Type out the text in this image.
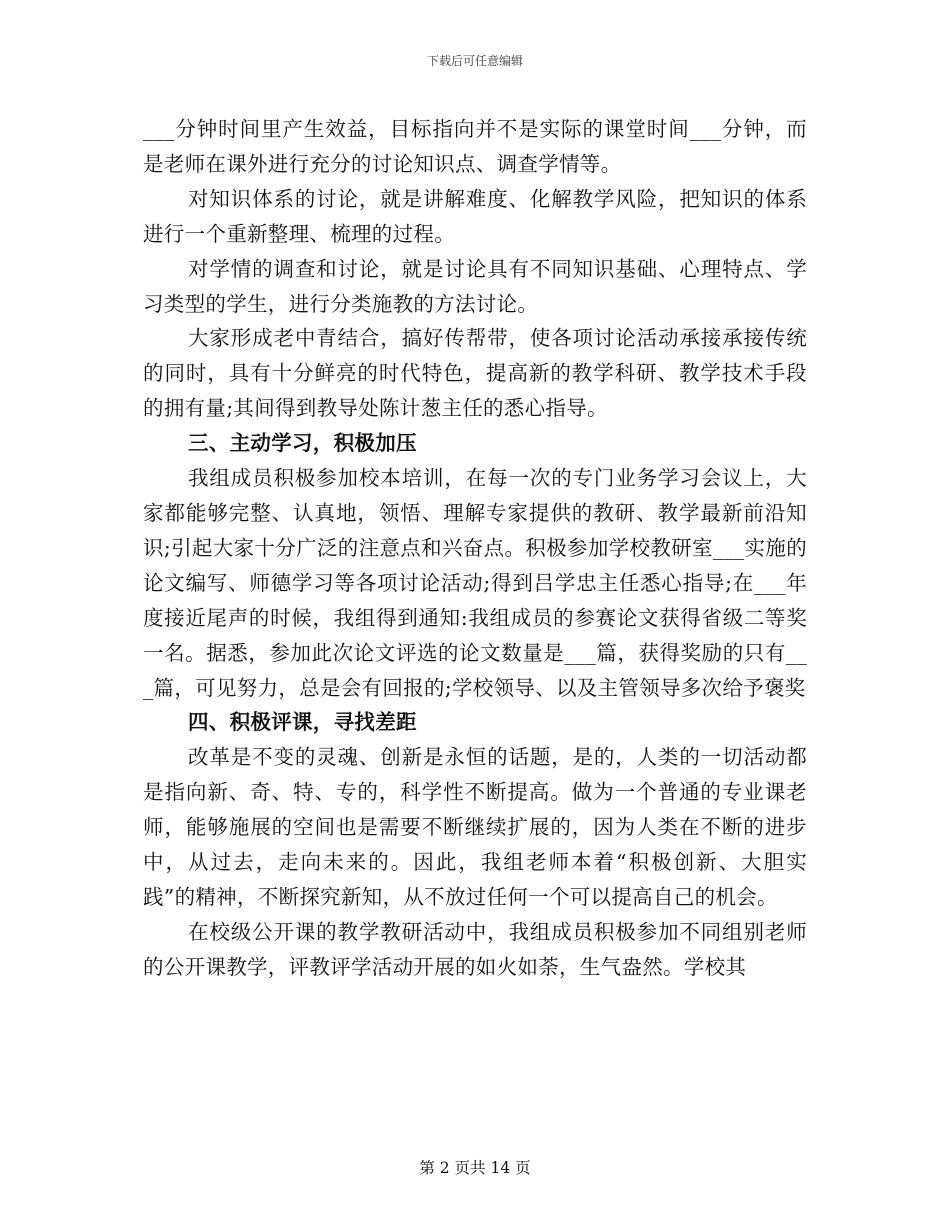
下载后可任意编辑

___分钟时间里产生效益，目标指向并不是实际的课堂时间___分钟，而是老师在课外进行充分的讨论知识点、调查学情等。

对知识体系的讨论，就是讲解难度、化解教学风险，把知识的体系进行一个重新整理、梳理的过程。

对学情的调查和讨论，就是讨论具有不同知识基础、心理特点、学习类型的学生，进行分类施教的方法讨论。

大家形成老中青结合，搞好传帮带，使各项讨论活动承接承接传统的同时，具有十分鲜亮的时代特色，提高新的教学科研、教学技术手段的拥有量;其间得到教导处陈计葱主任的悉心指导。

三、主动学习，积极加压

我组成员积极参加校本培训，在每一次的专门业务学习会议上，大家都能够完整、认真地，领悟、理解专家提供的教研、教学最新前沿知识;引起大家十分广泛的注意点和兴奋点。积极参加学校教研室___实施的论文编写、师德学习等各项讨论活动;得到吕学忠主任悉心指导;在___年度接近尾声的时候，我组得到通知:我组成员的参赛论文获得省级二等奖一名。据悉，参加此次论文评选的论文数量是___篇，获得奖励的只有___篇，可见努力，总是会有回报的;学校领导、以及主管领导多次给予褒奖

四、积极评课，寻找差距

改革是不变的灵魂、创新是永恒的话题，是的，人类的一切活动都是指向新、奇、特、专的，科学性不断提高。做为一个普通的专业课老师，能够施展的空间也是需要不断继续扩展的，因为人类在不断的进步中，从过去，走向未来的。因此，我组老师本着“积极创新、大胆实践”的精神，不断探究新知，从不放过任何一个可以提高自己的机会。

在校级公开课的教学教研活动中，我组成员积极参加不同组别老师的公开课教学，评教评学活动开展的如火如荼，生气盎然。学校其

第 2 页共 14 页
